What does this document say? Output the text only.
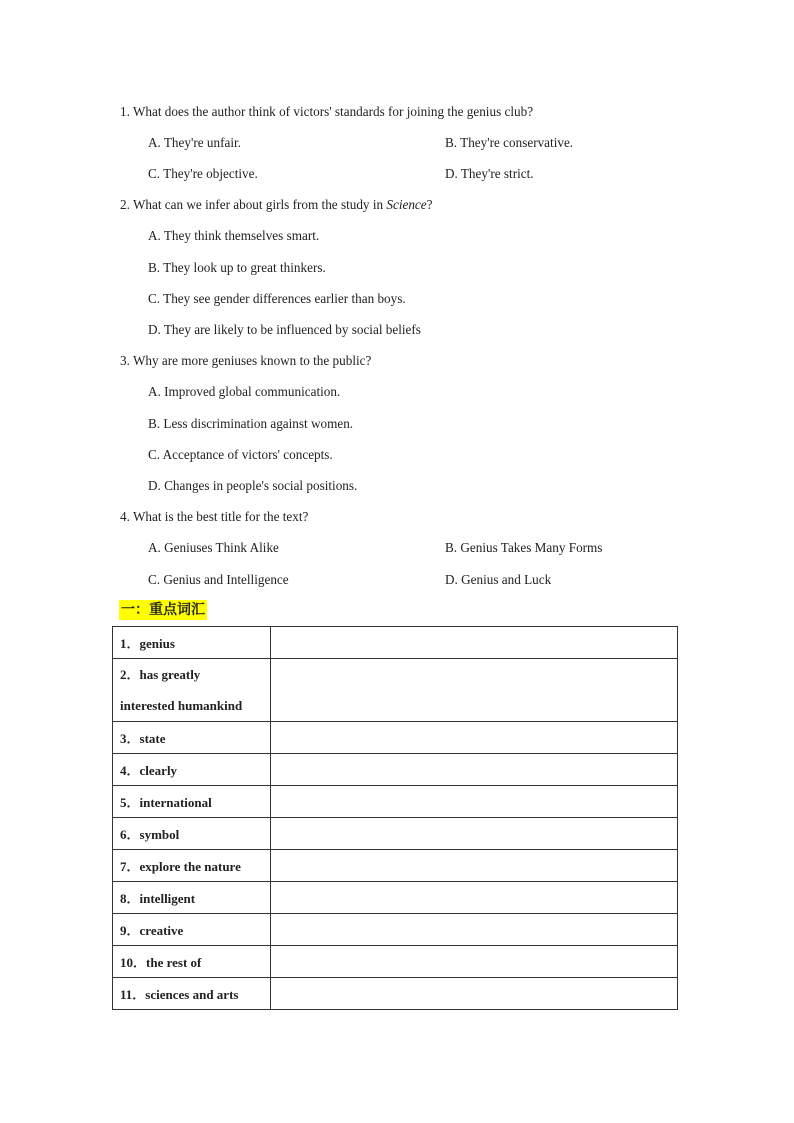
1. What does the author think of victors' standards for joining the genius club?
A. They're unfair.	B. They're conservative.
C. They're objective.	D. They're strict.
2. What can we infer about girls from the study in Science?
A. They think themselves smart.
B. They look up to great thinkers.
C. They see gender differences earlier than boys.
D. They are likely to be influenced by social beliefs
3. Why are more geniuses known to the public?
A. Improved global communication.
B. Less discrimination against women.
C. Acceptance of victors' concepts.
D. Changes in people's social positions.
4. What is the best title for the text?
A. Geniuses Think Alike	B. Genius Takes Many Forms
C. Genius and Intelligence	D. Genius and Luck
一：重点词汇
1．genius	
2．has greatly
interested humankind	
3．state	
4．clearly	
5．international	
6．symbol	
7．explore the nature	
8．intelligent	
9．creative	
10．the rest of	
11．sciences and arts	
